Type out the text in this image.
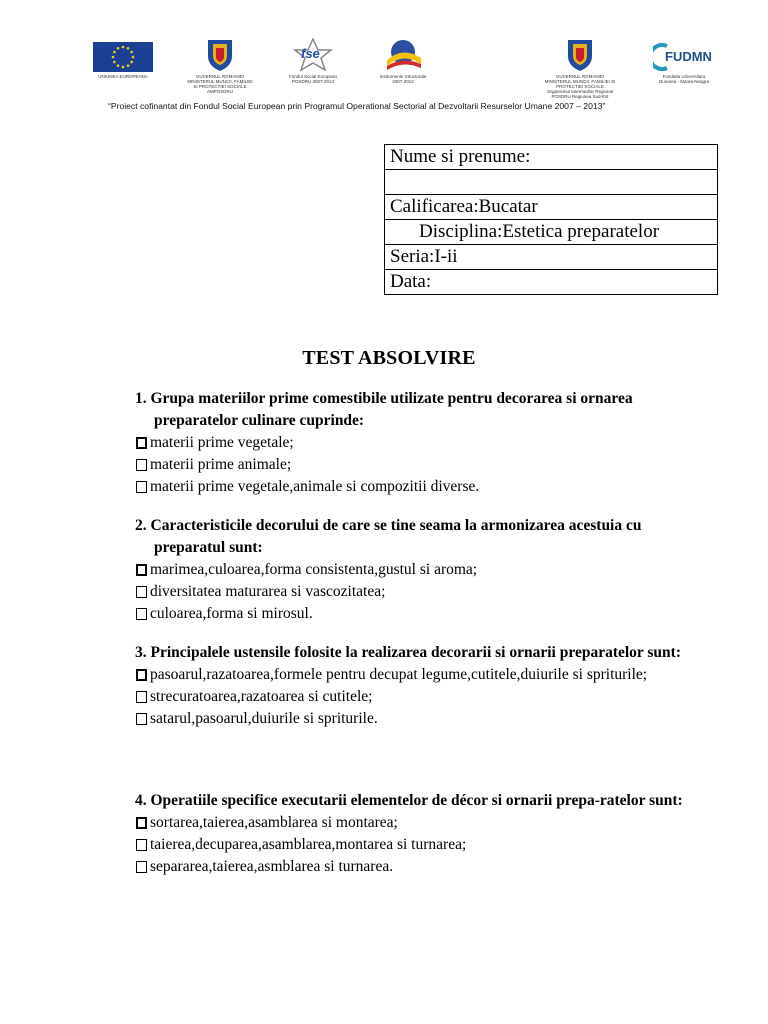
UNIUNEA EUROPEANA	GUVERNUL ROMANIEI
MINISTERUL MUNCII, FAMILIEI
SI PROTECTIEI SOCIALE
AMPOSDRU
fse
Fondul Social European
POSDRU 2007-2013
Instrumente Structurale
2007-2013
GUVERNUL ROMANIEI
MINISTERUL MUNCII, FAMILIEI SI
PROTECTIEI SOCIALE
Organismul Intermediar Regional
POSDRU Regiunea Sud-Est
FUDMN
Fundatia Universitara
Dunarea - Marea Neagra
“Proiect cofinantat din Fondul Social European prin Programul Operational Sectorial al Dezvoltarii Resurselor Umane 2007 – 2013”
Nume si prenume:

Calificarea:Bucatar
Disciplina:Estetica preparatelor
Seria:I-ii
Data:
TEST ABSOLVIRE

1. Grupa materiilor prime comestibile utilizate pentru decorarea si ornarea preparatelor culinare cuprinde:

materii prime vegetale;

materii prime animale;

materii prime vegetale,animale si compozitii diverse.

2. Caracteristicile decorului de care se tine seama la armonizarea acestuia cu preparatul sunt:

marimea,culoarea,forma consistenta,gustul si aroma;

diversitatea maturarea si vascozitatea;

culoarea,forma si mirosul.

3. Principalele ustensile folosite la realizarea decorarii si ornarii preparatelor sunt:

pasoarul,razatoarea,formele pentru decupat legume,cutitele,duiurile si spriturile;

strecuratoarea,razatoarea si cutitele;

satarul,pasoarul,duiurile si spriturile.

4. Operatiile specifice executarii elementelor de décor si ornarii prepa-ratelor sunt:

sortarea,taierea,asamblarea si montarea;

taierea,decuparea,asamblarea,montarea si turnarea;

separarea,taierea,asmblarea si turnarea.
